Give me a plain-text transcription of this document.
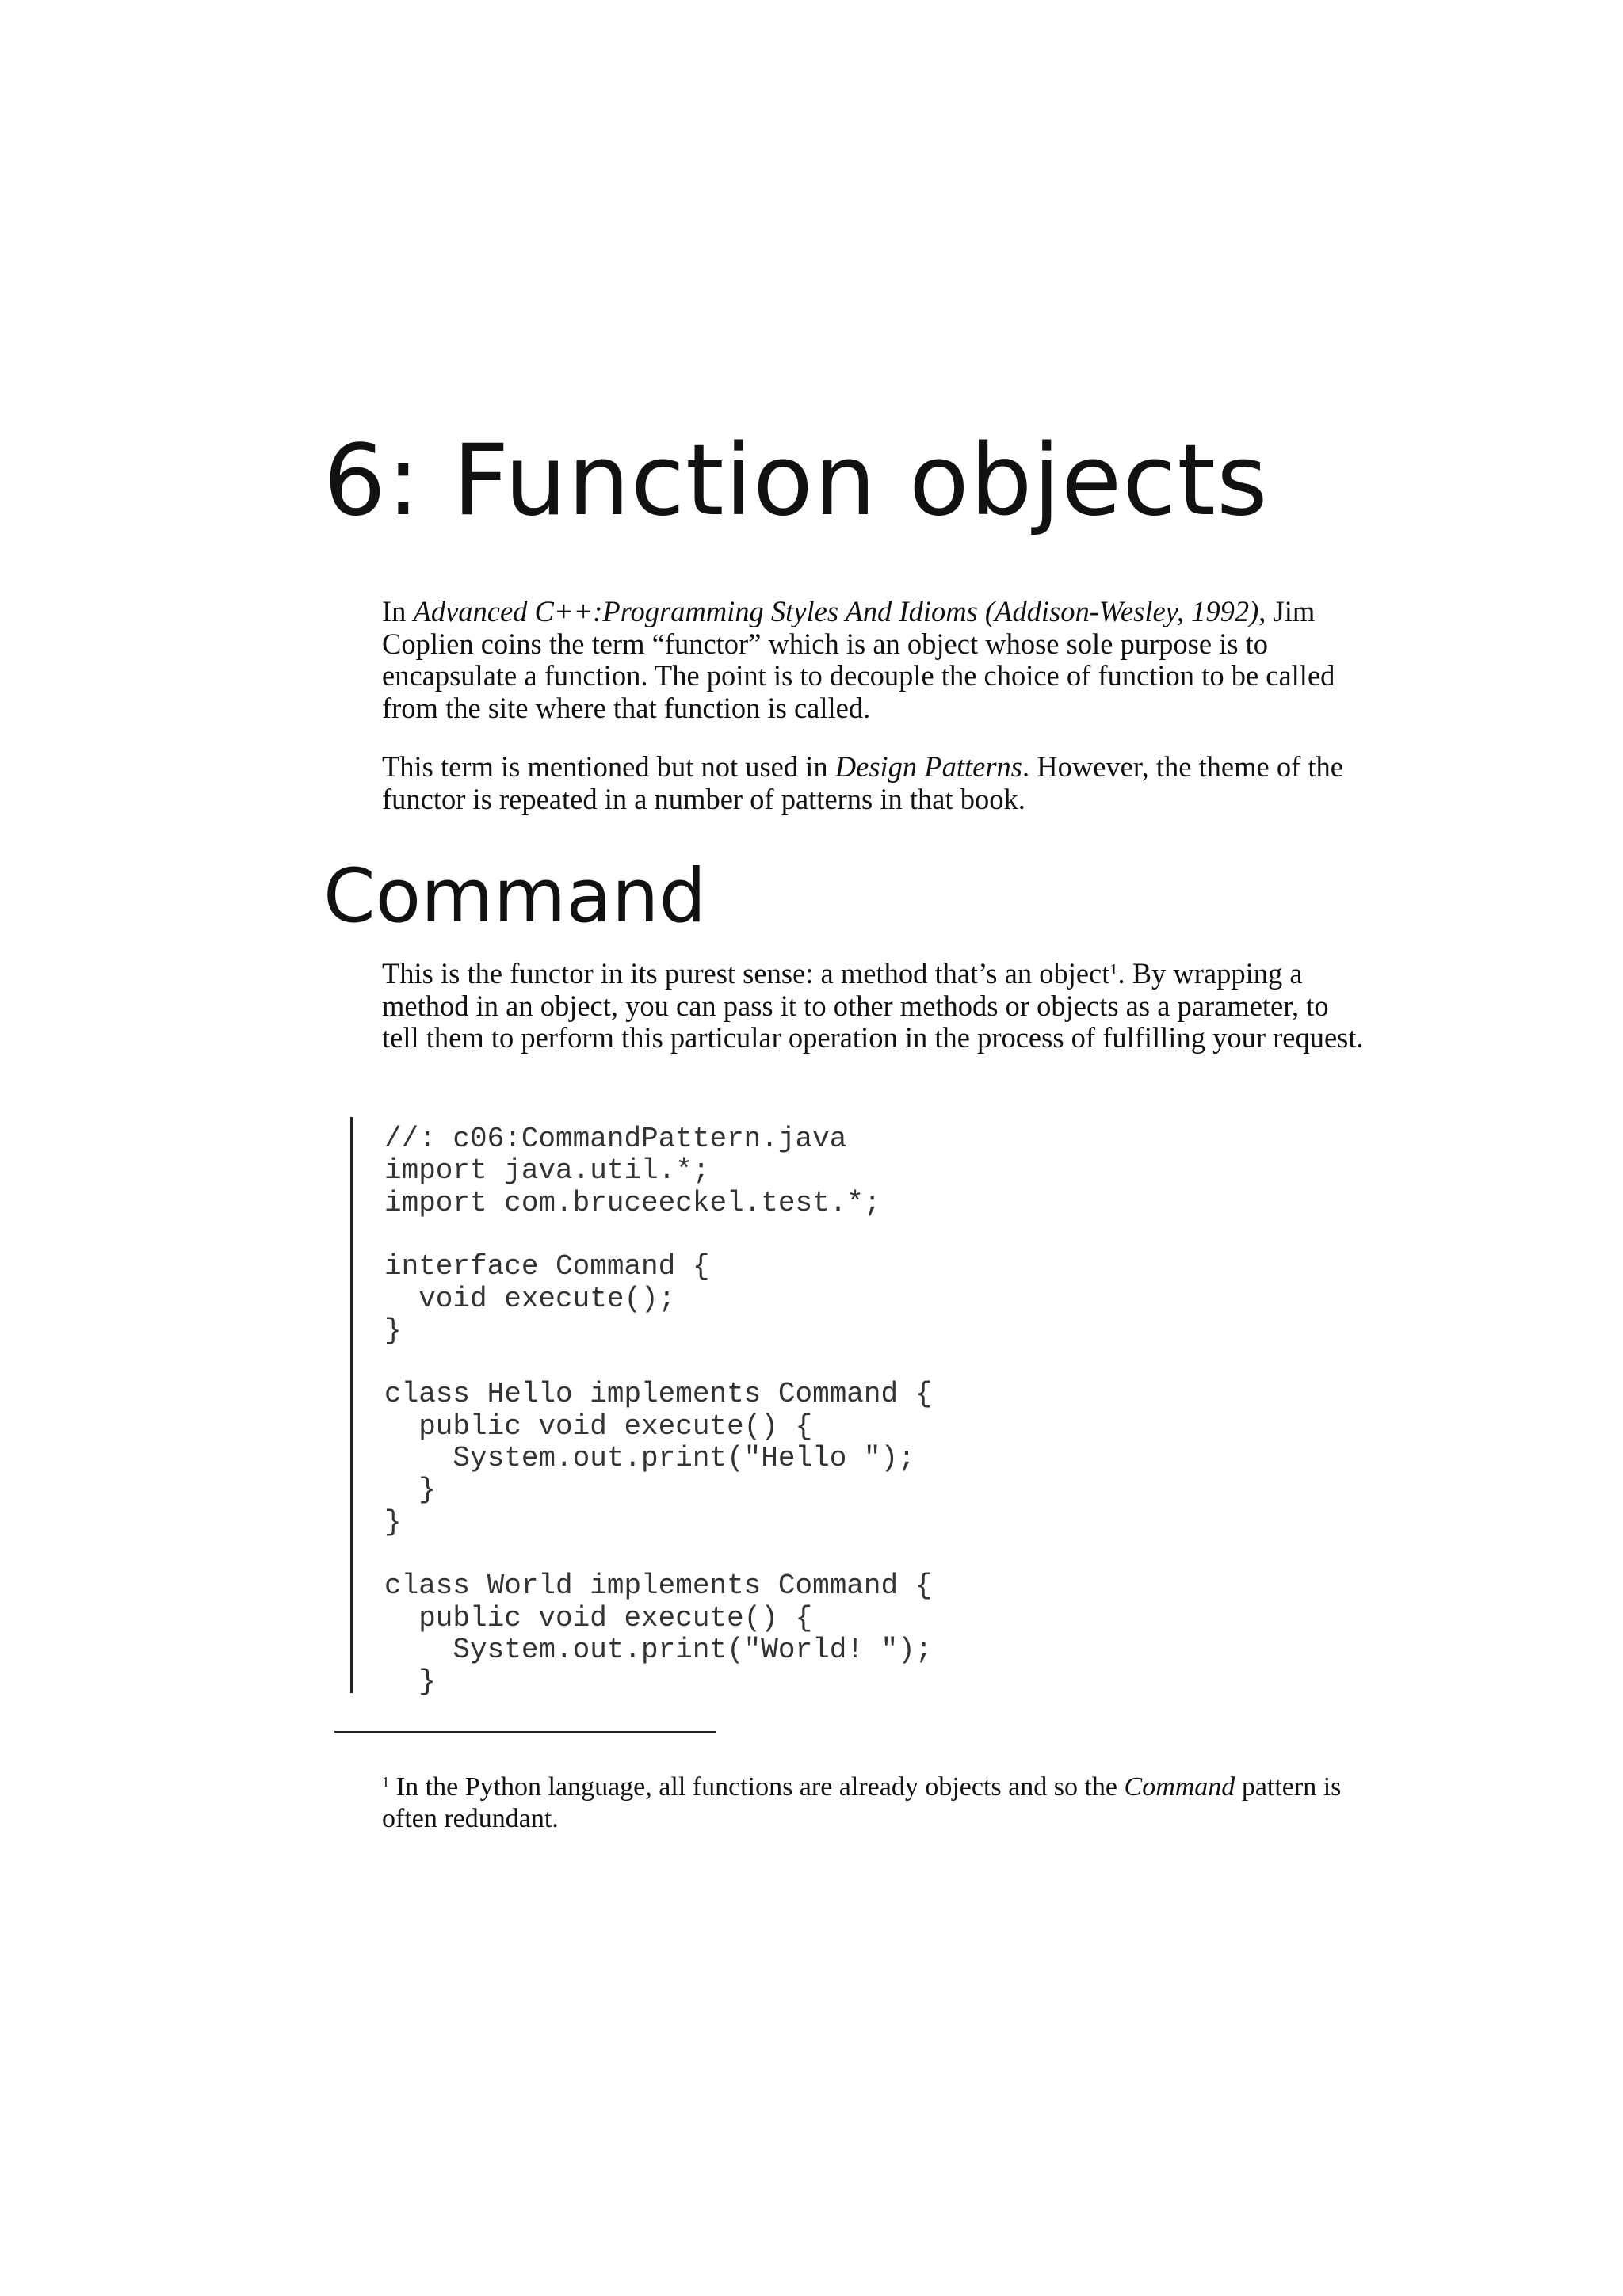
6: Function objects

In Advanced C++:Programming Styles And Idioms (Addison-Wesley, 1992), Jim Coplien coins the term “functor” which is an object whose sole purpose is to encapsulate a function. The point is to decouple the choice of function to be called from the site where that function is called.

This term is mentioned but not used in Design Patterns. However, the theme of the functor is repeated in a number of patterns in that book.

Command

This is the functor in its purest sense: a method that’s an object$^1$. By wrapping a method in an object, you can pass it to other methods or objects as a parameter, to tell them to perform this particular operation in the process of fulfilling your request.

//: c06:CommandPattern.java
import java.util.*;
import com.bruceeckel.test.*;
interface Command {
void execute();
}
class Hello implements Command {
public void execute() {
System.out.print("Hello ");
}
}
class World implements Command {
public void execute() {
System.out.print("World! ");
}

$^1$ In the Python language, all functions are already objects and so the Command pattern is often redundant.
